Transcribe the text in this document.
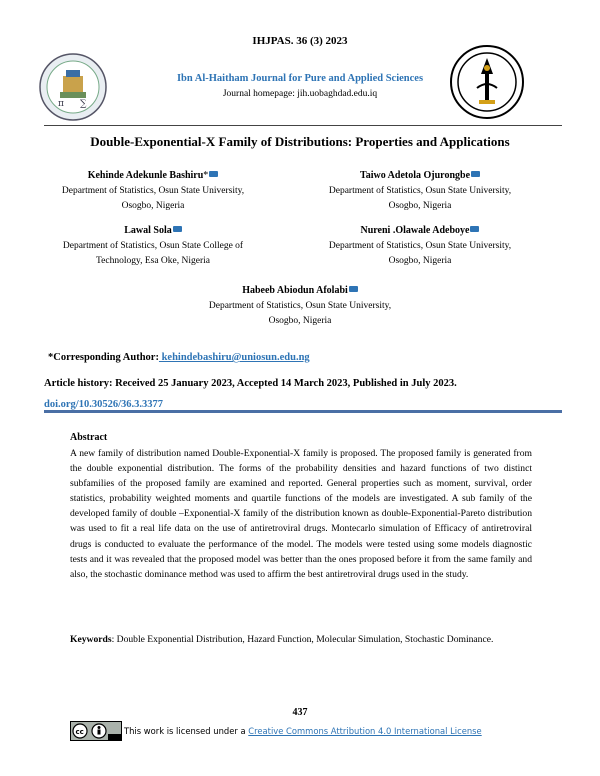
IHJPAS. 36 (3) 2023
π ∑
Ibn Al-Haitham Journal for Pure and Applied Sciences
Journal homepage: jih.uobaghdad.edu.iq
Double-Exponential-X Family of Distributions: Properties and Applications
Kehinde Adekunle Bashiru*
Department of Statistics, Osun State University,
Osogbo, Nigeria
Taiwo Adetola Ojurongbe
Department of Statistics, Osun State University,
Osogbo, Nigeria
Lawal Sola
Department of Statistics, Osun State College of
Technology, Esa Oke, Nigeria
Nureni .Olawale Adeboye
Department of Statistics, Osun State University,
Osogbo, Nigeria
Habeeb Abiodun Afolabi
Department of Statistics, Osun State University,
Osogbo, Nigeria
*Corresponding Author: kehindebashiru@uniosun.edu.ng
Article history: Received 25 January 2023, Accepted 14 March 2023, Published in July 2023.
doi.org/10.30526/36.3.3377
Abstract
A new family of distribution named Double-Exponential-X family is proposed. The proposed family is generated from the double exponential distribution. The forms of the probability densities and hazard functions of two distinct subfamilies of the proposed family are examined and reported. General properties such as moment, survival, order statistics, probability weighted moments and quartile functions of the models are investigated. A sub family of the developed family of double –Exponential-X family of the distribution known as double-Exponential-Pareto distribution was used to fit a real life data on the use of antiretroviral drugs. Montecarlo simulation of Efficacy of antiretroviral drugs is conducted to evaluate the performance of the model. The models were tested using some models diagnostic tests and it was revealed that the proposed model was better than the ones proposed before it from the same family and also, the stochastic dominance method was used to affirm the best antiretroviral drugs used in the study.
Keywords: Double Exponential Distribution, Hazard Function, Molecular Simulation, Stochastic Dominance.
437
cc	This work is licensed under a Creative Commons Attribution 4.0 International License
